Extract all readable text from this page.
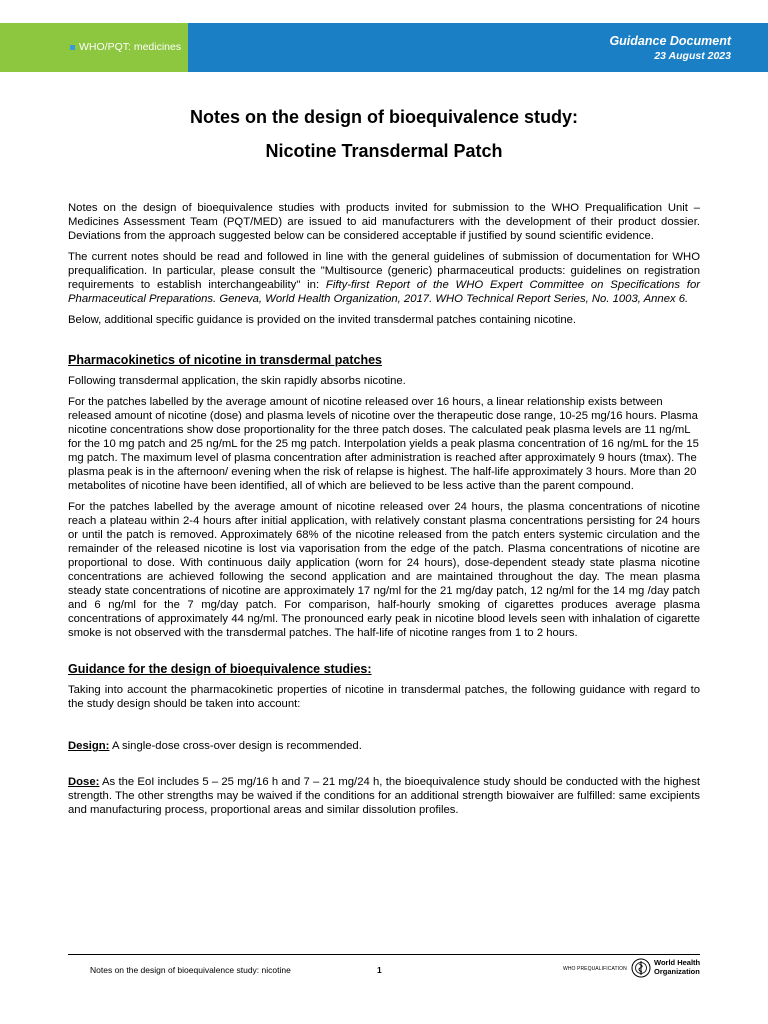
WHO/PQT: medicines	Guidance Document
23 August 2023
Notes on the design of bioequivalence study:
Nicotine Transdermal Patch

Notes on the design of bioequivalence studies with products invited for submission to the WHO Prequalification Unit – Medicines Assessment Team (PQT/MED) are issued to aid manufacturers with the development of their product dossier. Deviations from the approach suggested below can be considered acceptable if justified by sound scientific evidence.

The current notes should be read and followed in line with the general guidelines of submission of documentation for WHO prequalification. In particular, please consult the "Multisource (generic) pharmaceutical products: guidelines on registration requirements to establish interchangeability" in: Fifty-first Report of the WHO Expert Committee on Specifications for Pharmaceutical Preparations. Geneva, World Health Organization, 2017. WHO Technical Report Series, No. 1003, Annex 6.

Below, additional specific guidance is provided on the invited transdermal patches containing nicotine.

Pharmacokinetics of nicotine in transdermal patches

Following transdermal application, the skin rapidly absorbs nicotine.

For the patches labelled by the average amount of nicotine released over 16 hours, a linear relationship exists between released amount of nicotine (dose) and plasma levels of nicotine over the therapeutic dose range, 10-25 mg/16 hours. Plasma nicotine concentrations show dose proportionality for the three patch doses. The calculated peak plasma levels are 11 ng/mL for the 10 mg patch and 25 ng/mL for the 25 mg patch. Interpolation yields a peak plasma concentration of 16 ng/mL for the 15 mg patch. The maximum level of plasma concentration after administration is reached after approximately 9 hours (tmax). The plasma peak is in the afternoon/ evening when the risk of relapse is highest. The half-life approximately 3 hours. More than 20 metabolites of nicotine have been identified, all of which are believed to be less active than the parent compound.

For the patches labelled by the average amount of nicotine released over 24 hours, the plasma concentrations of nicotine reach a plateau within 2-4 hours after initial application, with relatively constant plasma concentrations persisting for 24 hours or until the patch is removed. Approximately 68% of the nicotine released from the patch enters systemic circulation and the remainder of the released nicotine is lost via vaporisation from the edge of the patch. Plasma concentrations of nicotine are proportional to dose. With continuous daily application (worn for 24 hours), dose-dependent steady state plasma nicotine concentrations are achieved following the second application and are maintained throughout the day. The mean plasma steady state concentrations of nicotine are approximately 17 ng/ml for the 21 mg/day patch, 12 ng/ml for the 14 mg /day patch and 6 ng/ml for the 7 mg/day patch. For comparison, half-hourly smoking of cigarettes produces average plasma concentrations of approximately 44 ng/ml. The pronounced early peak in nicotine blood levels seen with inhalation of cigarette smoke is not observed with the transdermal patches. The half-life of nicotine ranges from 1 to 2 hours.

Guidance for the design of bioequivalence studies:

Taking into account the pharmacokinetic properties of nicotine in transdermal patches, the following guidance with regard to the study design should be taken into account:

Design: A single-dose cross-over design is recommended.

Dose: As the EoI includes 5 – 25 mg/16 h and 7 – 21 mg/24 h, the bioequivalence study should be conducted with the highest strength. The other strengths may be waived if the conditions for an additional strength biowaiver are fulfilled: same excipients and manufacturing process, proportional areas and similar dissolution profiles.

Notes on the design of bioequivalence study: nicotine	1	WHO PREQUALIFICATION
World Health
Organization
